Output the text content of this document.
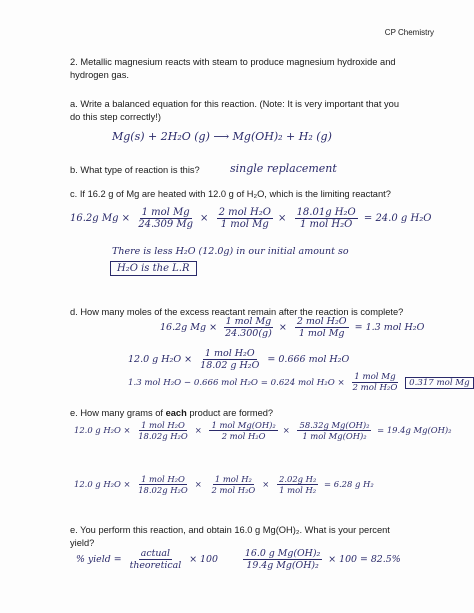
CP Chemistry
2. Metallic magnesium reacts with steam to produce magnesium hydroxide and hydrogen gas.
a. Write a balanced equation for this reaction. (Note: It is very important that you do this step correctly!)
Mg(s) + 2H₂O (g) ⟶ Mg(OH)₂ + H₂ (g)
b. What type of reaction is this?	single replacement
c. If 16.2 g of Mg are heated with 12.0 g of H₂O, which is the limiting reactant?
16.2g $Mg \times \frac{\text{1 mol Mg}}{24.309 Mg} \times \frac{\text{2 mol H₂O}}{\text{1 mol Mg}} \times \frac{\text{18.01g H₂O}}{\text{1 mol H₂O}} = 24.0$ g H₂O
There is less H₂O (12.0g) in our initial amount so
H₂O is the L.R
d. How many moles of the excess reactant remain after the reaction is complete?
16.2g $Mg \times \frac{\text{1 mol Mg}}{24.300(g)} \times \frac{\text{2 mol H₂O}}{\text{1 mol Mg}} = 1.3$ mol H₂O
12.0 g $H_2O \times \frac{\text{1 mol H₂O}}{\text{18.02 g H₂O}} = 0.666$ mol H₂O
1.3 mol H₂O − 0.666 mol H₂O = 0.624 mol $H_2O \times \frac{\text{1 mol Mg}}{\text{2 mol H₂O}} 0.317$ mol Mg
e. How many grams of each product are formed?
12.0 g $H_2O \times \frac{\text{1 mol H₂O}}{\text{18.02g H₂O}} \times \frac{\text{1 mol Mg(OH)₂}}{\text{2 mol H₂O}} \times \frac{\text{58.32g Mg(OH)₂}}{\text{1 mol Mg(OH)₂}} = 19.4g$ Mg(OH)₂
12.0 g $H_2O \times \frac{\text{1 mol H₂O}}{\text{18.02g H₂O}} \times \frac{\text{1 mol H₂}}{\text{2 mol H₂O}} \times \frac{\text{2.02g H₂}}{\text{1 mol H₂}} = 6.28$ g H₂
e. You perform this reaction, and obtain 16.0 g Mg(OH)₂. What is your percent yield?
% yield = $\frac{\text{actual}}{\text{theoretical}} \times 100$	$\frac{\text{16.0 g Mg(OH)₂}}{\text{19.4g Mg(OH)₂}} \times 100 = 82.5\%$
